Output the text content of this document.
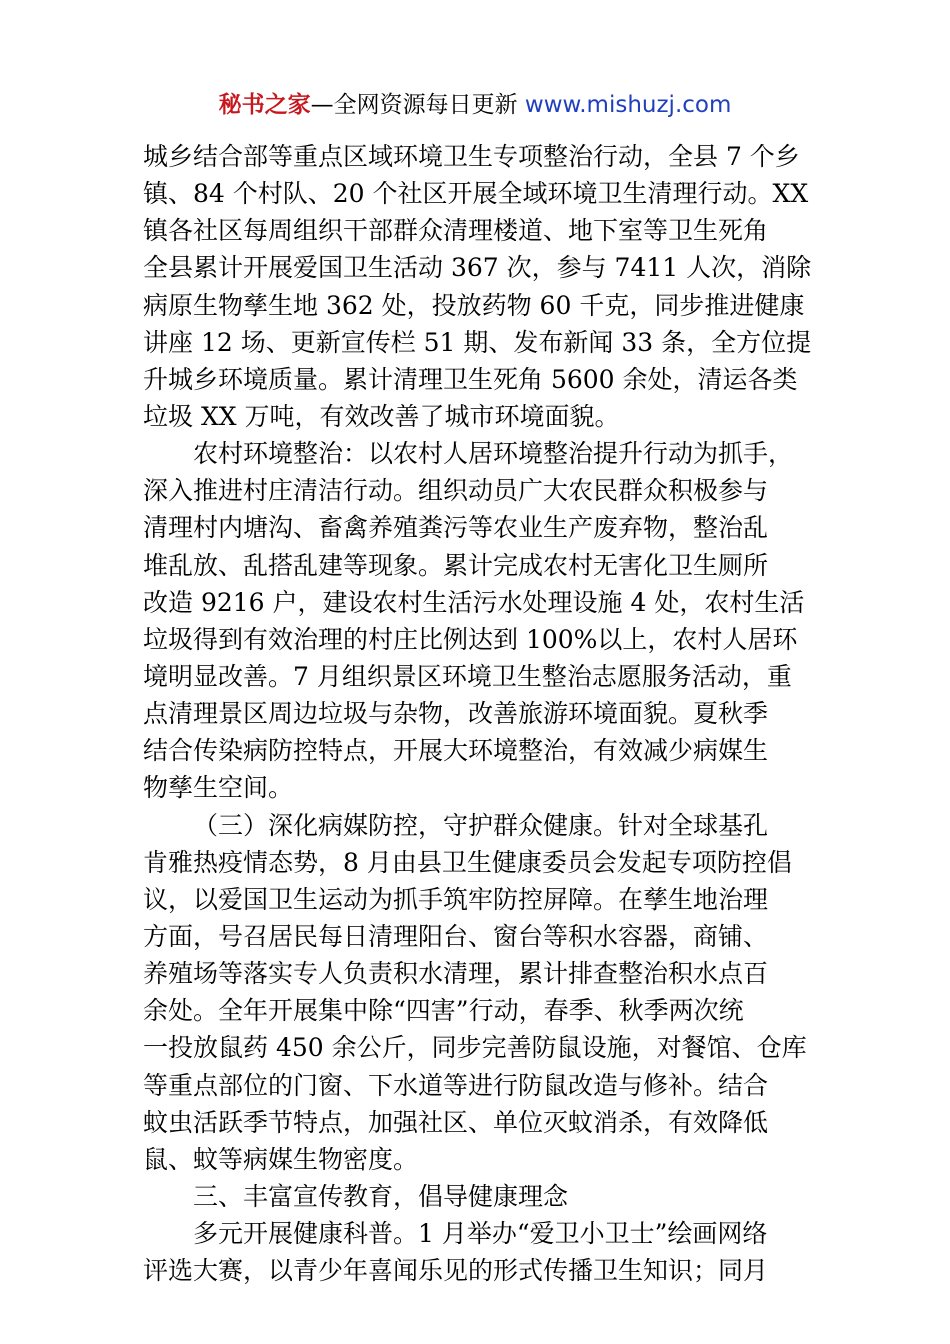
秘书之家—全网资源每日更新 www.mishuzj.com
城乡结合部等重点区域环境卫生专项整治行动，全县 7 个乡
镇、84 个村队、20 个社区开展全域环境卫生清理行动。XX
镇各社区每周组织干部群众清理楼道、地下室等卫生死角
全县累计开展爱国卫生活动 367 次，参与 7411 人次，消除
病原生物孳生地 362 处，投放药物 60 千克，同步推进健康
讲座 12 场、更新宣传栏 51 期、发布新闻 33 条，全方位提
升城乡环境质量。累计清理卫生死角 5600 余处，清运各类
垃圾 XX 万吨，有效改善了城市环境面貌。
农村环境整治：以农村人居环境整治提升行动为抓手，
深入推进村庄清洁行动。组织动员广大农民群众积极参与
清理村内塘沟、畜禽养殖粪污等农业生产废弃物，整治乱
堆乱放、乱搭乱建等现象。累计完成农村无害化卫生厕所
改造 9216 户，建设农村生活污水处理设施 4 处，农村生活
垃圾得到有效治理的村庄比例达到 100%以上，农村人居环
境明显改善。7 月组织景区环境卫生整治志愿服务活动，重
点清理景区周边垃圾与杂物，改善旅游环境面貌。夏秋季
结合传染病防控特点，开展大环境整治，有效减少病媒生
物孳生空间。
（三）深化病媒防控，守护群众健康。针对全球基孔
肯雅热疫情态势，8 月由县卫生健康委员会发起专项防控倡
议，以爱国卫生运动为抓手筑牢防控屏障。在孳生地治理
方面，号召居民每日清理阳台、窗台等积水容器，商铺、
养殖场等落实专人负责积水清理，累计排查整治积水点百
余处。全年开展集中除“四害”行动，春季、秋季两次统
一投放鼠药 450 余公斤，同步完善防鼠设施，对餐馆、仓库
等重点部位的门窗、下水道等进行防鼠改造与修补。结合
蚊虫活跃季节特点，加强社区、单位灭蚊消杀，有效降低
鼠、蚊等病媒生物密度。
三、丰富宣传教育，倡导健康理念
多元开展健康科普。1 月举办“爱卫小卫士”绘画网络
评选大赛，以青少年喜闻乐见的形式传播卫生知识；同月
